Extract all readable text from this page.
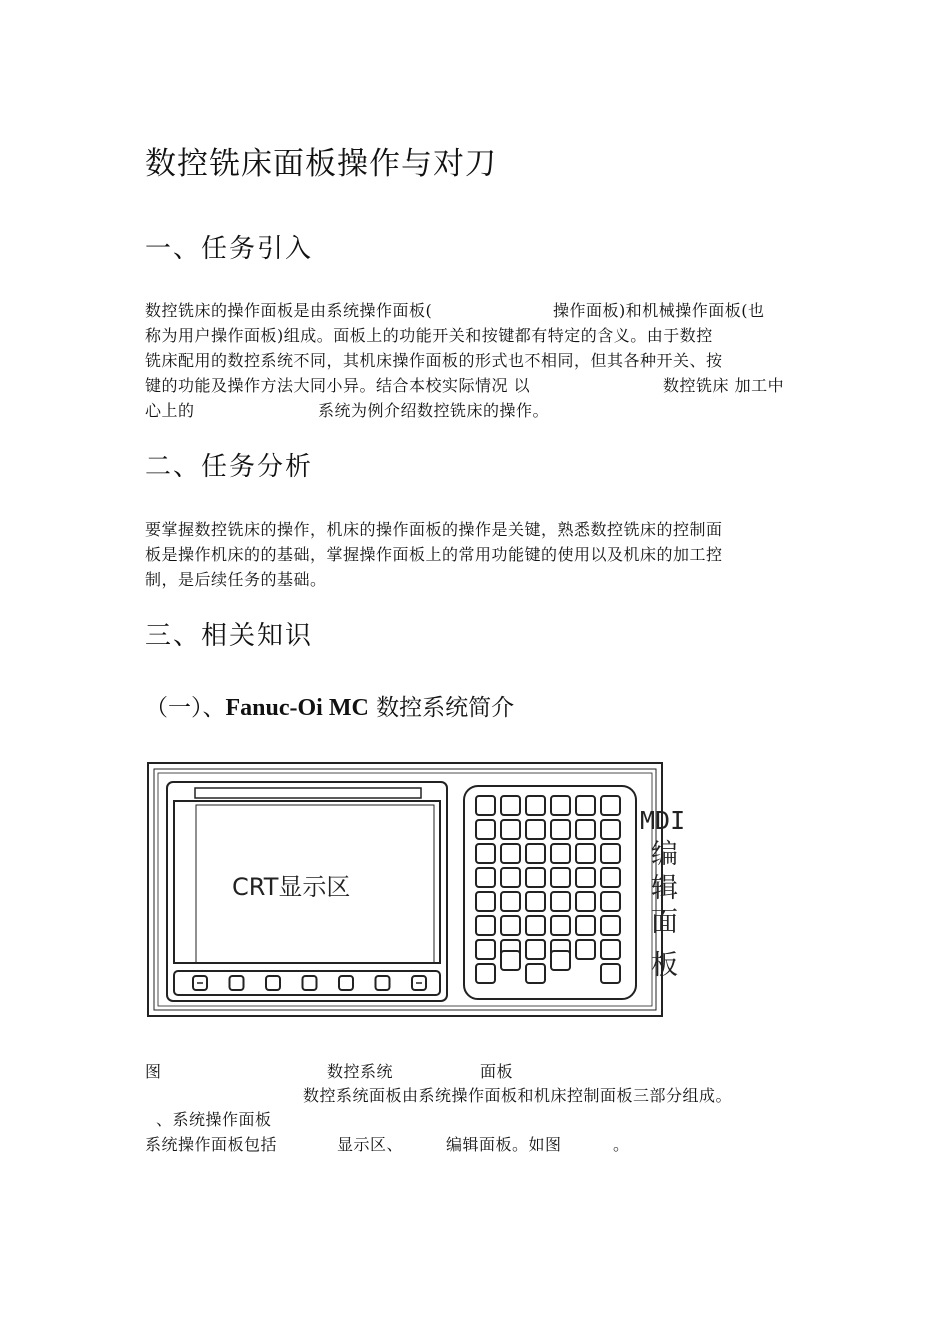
数控铣床面板操作与对刀
一、任务引入
数控铣床的操作面板是由系统操作面板(	操作面板)和机械操作面板(也
称为用户操作面板)组成。面板上的功能开关和按键都有特定的含义。由于数控
铣床配用的数控系统不同，其机床操作面板的形式也不相同，但其各种开关、按
键的功能及操作方法大同小异。结合本校实际情况 以	数控铣床 加工中
心上的	系统为例介绍数控铣床的操作。
二、任务分析
要掌握数控铣床的操作，机床的操作面板的操作是关键，熟悉数控铣床的控制面
板是操作机床的的基础，掌握操作面板上的常用功能键的使用以及机床的加工控
制，是后续任务的基础。
三、相关知识
（一）、Fanuc-Oi MC 数控系统简介
CRT显示区
MDI
编
辑
面
板
图	数控系统	面板
数控系统面板由系统操作面板和机床控制面板三部分组成。
、系统操作面板
系统操作面板包括	显示区、	编辑面板。如图	。
